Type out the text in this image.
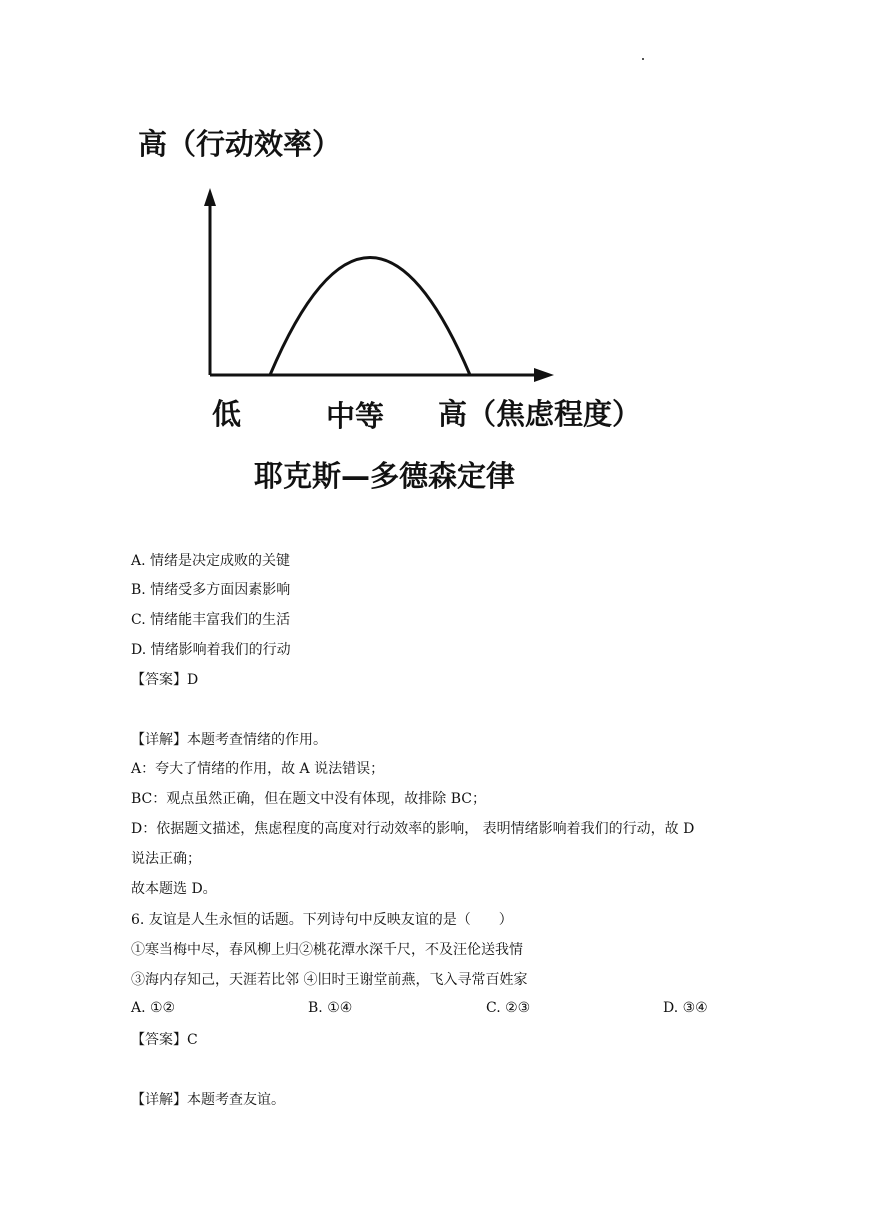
高（行动效率）
低	中等 高（焦虑程度）
耶克斯—多德森定律
A. 情绪是决定成败的关键
B. 情绪受多方面因素影响
C. 情绪能丰富我们的生活
D. 情绪影响着我们的行动
【答案】D
【详解】本题考查情绪的作用。
A：夸大了情绪的作用，故 A 说法错误；
BC：观点虽然正确，但在题文中没有体现，故排除 BC；
D：依据题文描述，焦虑程度的高度对行动效率的影响， 表明情绪影响着我们的行动，故 D
说法正确；
故本题选 D。
6. 友谊是人生永恒的话题。下列诗句中反映友谊的是（　　）
①寒当梅中尽，春风柳上归②桃花潭水深千尺，不及汪伦送我情
③海内存知己，天涯若比邻 ④旧时王谢堂前燕，飞入寻常百姓家
A. ①②	B. ①④	C. ②③	D. ③④
【答案】C
【详解】本题考查友谊。
